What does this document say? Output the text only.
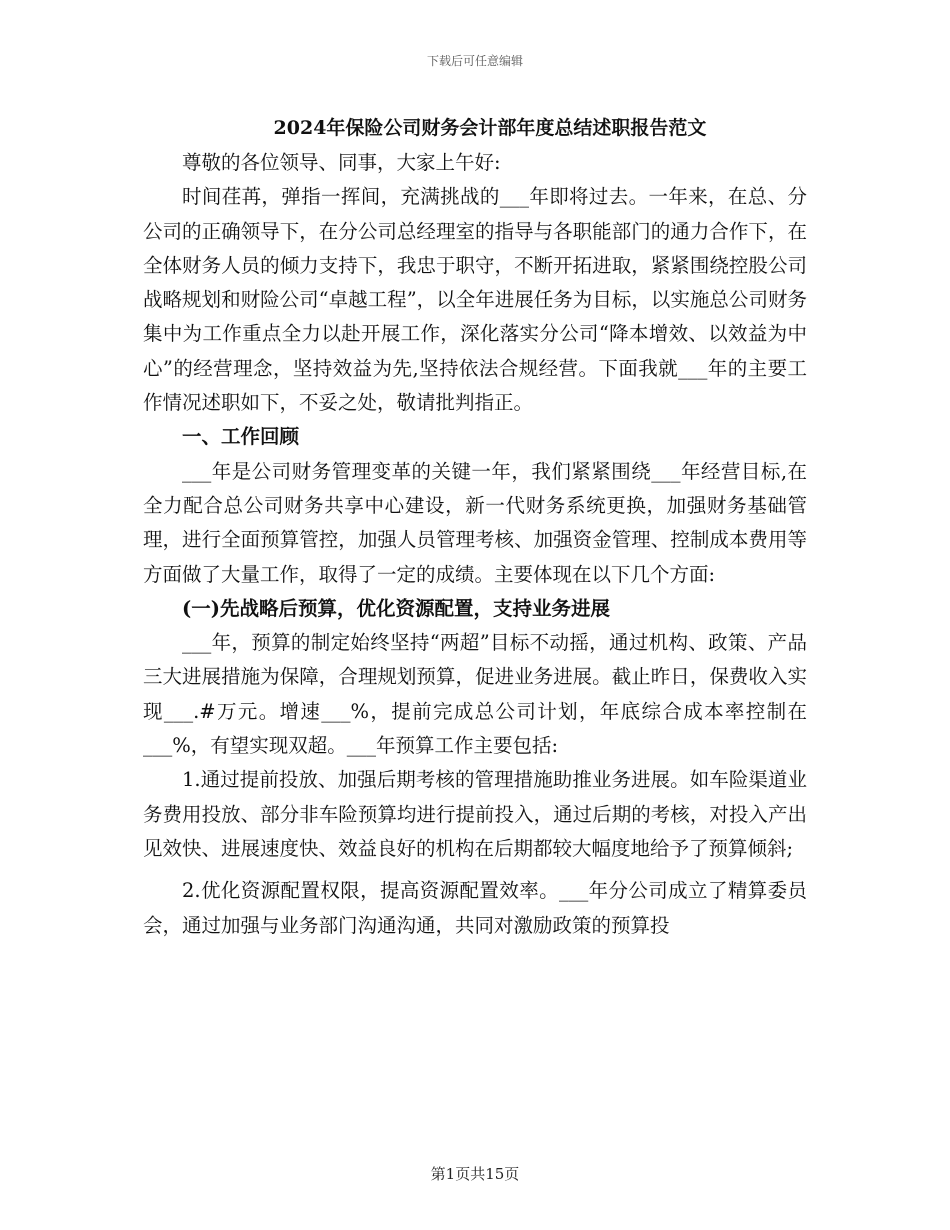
下载后可任意编辑

2024年保险公司财务会计部年度总结述职报告范文

尊敬的各位领导、同事，大家上午好:

时间荏苒，弹指一挥间，充满挑战的___年即将过去。一年来，在总、分公司的正确领导下，在分公司总经理室的指导与各职能部门的通力合作下，在全体财务人员的倾力支持下，我忠于职守，不断开拓进取，紧紧围绕控股公司战略规划和财险公司“卓越工程”，以全年进展任务为目标，以实施总公司财务集中为工作重点全力以赴开展工作，深化落实分公司“降本增效、以效益为中心”的经营理念，坚持效益为先,坚持依法合规经营。下面我就___年的主要工作情况述职如下，不妥之处，敬请批判指正。

一、工作回顾

___年是公司财务管理变革的关键一年，我们紧紧围绕___年经营目标,在全力配合总公司财务共享中心建设，新一代财务系统更换，加强财务基础管理，进行全面预算管控，加强人员管理考核、加强资金管理、控制成本费用等方面做了大量工作，取得了一定的成绩。主要体现在以下几个方面:

(一)先战略后预算，优化资源配置，支持业务进展

___年，预算的制定始终坚持“两超”目标不动摇，通过机构、政策、产品三大进展措施为保障，合理规划预算，促进业务进展。截止昨日，保费收入实现___.#万元。增速___%，提前完成总公司计划，年底综合成本率控制在___%，有望实现双超。___年预算工作主要包括:

1.通过提前投放、加强后期考核的管理措施助推业务进展。如车险渠道业务费用投放、部分非车险预算均进行提前投入，通过后期的考核，对投入产出见效快、进展速度快、效益良好的机构在后期都较大幅度地给予了预算倾斜;

2.优化资源配置权限，提高资源配置效率。___年分公司成立了精算委员会，通过加强与业务部门沟通沟通，共同对激励政策的预算投

第1页共15页
